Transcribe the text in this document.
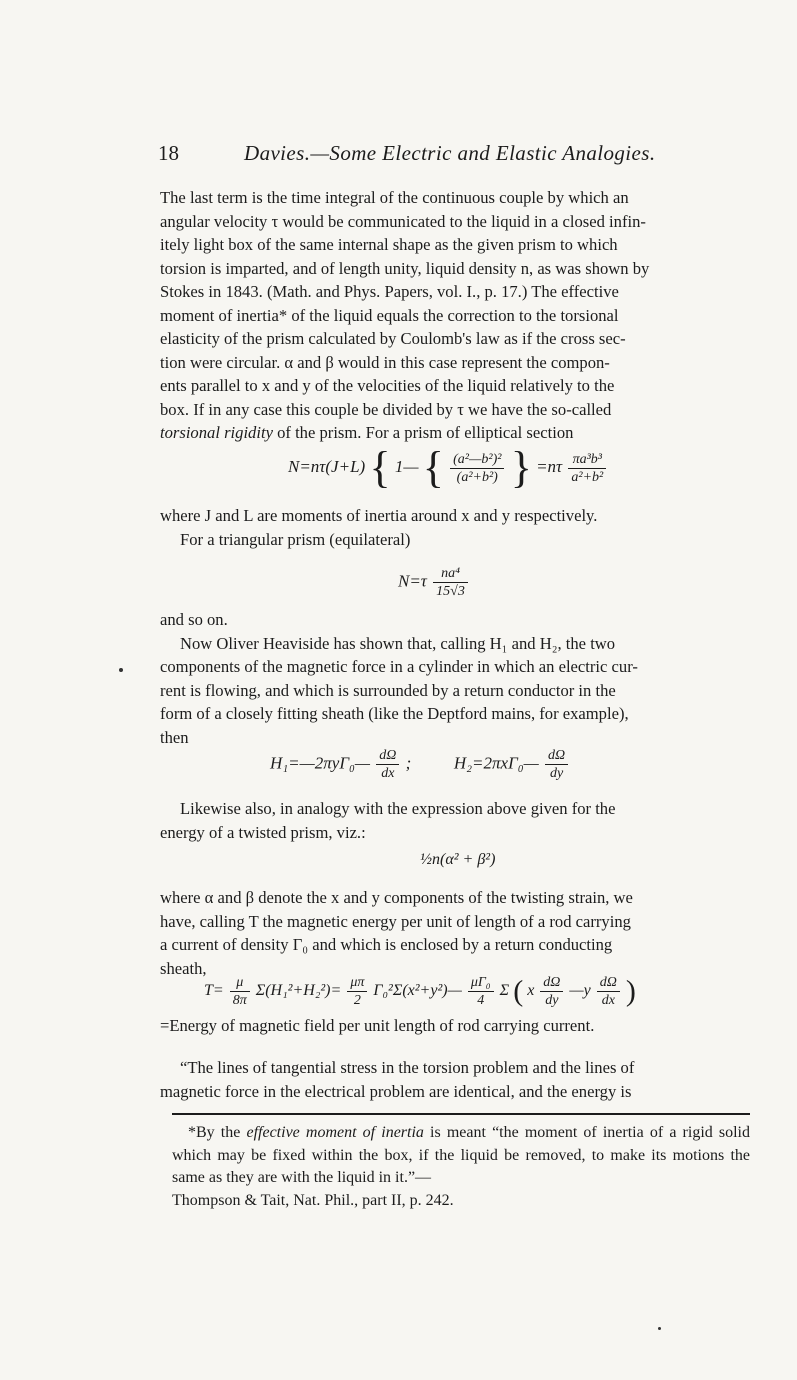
18	Davies.—Some Electric and Elastic Analogies.

The last term is the time integral of the continuous couple by which an

angular velocity τ would be communicated to the liquid in a closed infin-

itely light box of the same internal shape as the given prism to which

torsion is imparted, and of length unity, liquid density n, as was shown by

Stokes in 1843. (Math. and Phys. Papers, vol. I., p. 17.) The effective

moment of inertia* of the liquid equals the correction to the torsional

elasticity of the prism calculated by Coulomb's law as if the cross sec-

tion were circular. α and β would in this case represent the compon-

ents parallel to x and y of the velocities of the liquid relatively to the

box. If in any case this couple be divided by τ we have the so-called

torsional rigidity of the prism. For a prism of elliptical section

N=nτ(J+L) { 1— { $\frac{\text{(a²—b²)²}}{\text{(a²+b²)}}$ } $=n\tau \frac{\text{πa³b³}}{\text{a²+b²}}$

where J and L are moments of inertia around x and y respectively.

For a triangular prism (equilateral)

$N=\tau \frac{\text{na⁴}}{15√3}$

and so on.

Now Oliver Heaviside has shown that, calling H₁ and H₂, the two

components of the magnetic force in a cylinder in which an electric cur-

rent is flowing, and which is surrounded by a return conductor in the

form of a closely fitting sheath (like the Deptford mains, for example),

then

H₁=—2πyΓ₀— $\frac{d\Omega}{dx}$ ;	H₂=2πxΓ₀— $\frac{d\Omega}{dy}$

Likewise also, in analogy with the expression above given for the

energy of a twisted prism, viz.:

½n(α² + β²)

where α and β denote the x and y components of the twisting strain, we

have, calling T the magnetic energy per unit of length of a rod carrying

a current of density Γ₀ and which is enclosed by a return conducting

sheath,

$T= \frac{\mu}{8\pi} \Sigma(H_1^2+H_2^2)= \frac{\mu\pi}{2}$ Γ₀²Σ(x²+y²)— $\frac{\text{μΓ₀}}{4}$ Σ ( x $\frac{d\Omega}{dy}$ —y $\frac{d\Omega}{dx}$ )

=Energy of magnetic field per unit length of rod carrying current.

“The lines of tangential stress in the torsion problem and the lines of

magnetic force in the electrical problem are identical, and the energy is

*By the effective moment of inertia is meant “the moment of inertia of a rigid solid which may be fixed within the box, if the liquid be removed, to make its motions the same as they are with the liquid in it.”—

Thompson & Tait, Nat. Phil., part II, p. 242.
